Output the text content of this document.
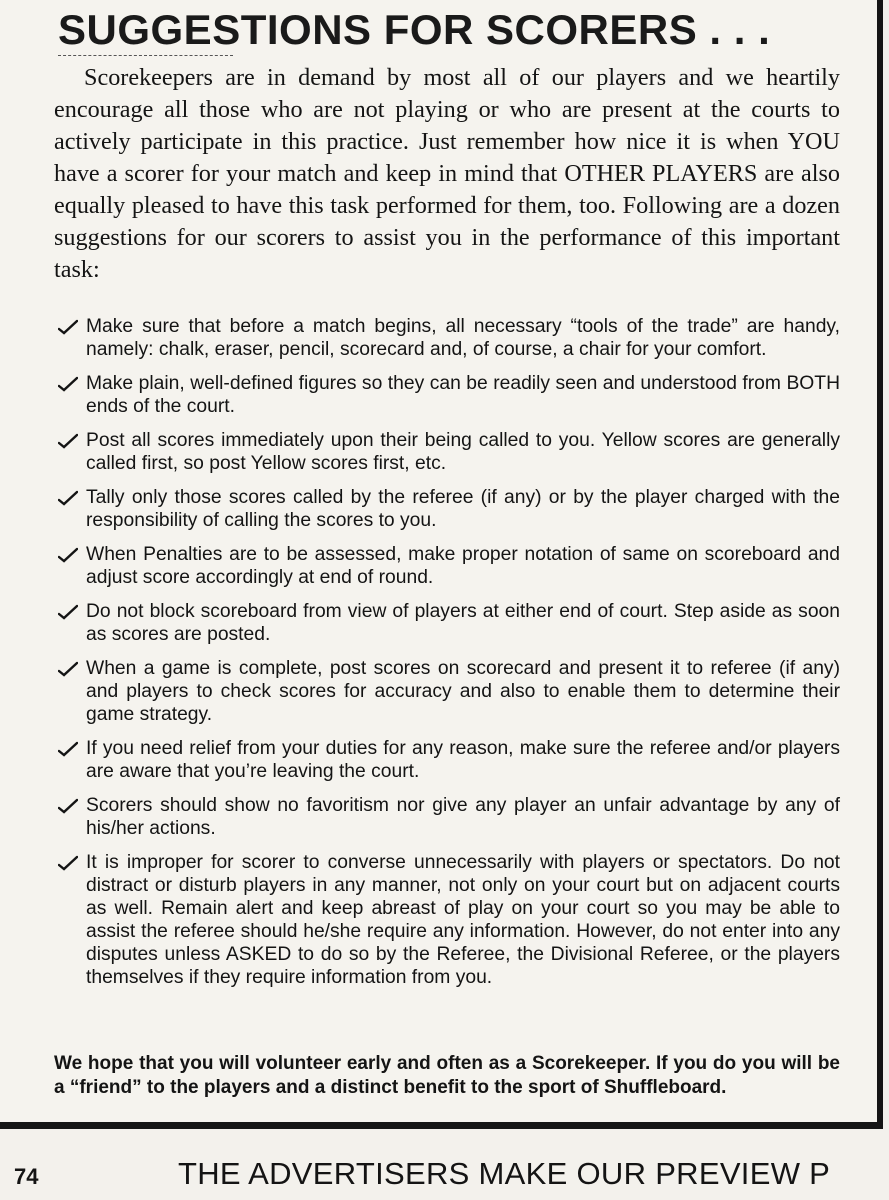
SUGGESTIONS FOR SCORERS . . .

Scorekeepers are in demand by most all of our players and we heartily encourage all those who are not playing or who are present at the courts to actively participate in this practice. Just remember how nice it is when YOU have a scorer for your match and keep in mind that OTHER PLAYERS are also equally pleased to have this task performed for them, too. Following are a dozen suggestions for our scorers to assist you in the performance of this important task:

Make sure that before a match begins, all necessary “tools of the trade” are handy, namely: chalk, eraser, pencil, scorecard and, of course, a chair for your comfort.
Make plain, well-defined figures so they can be readily seen and understood from BOTH ends of the court.
Post all scores immediately upon their being called to you. Yellow scores are generally called first, so post Yellow scores first, etc.
Tally only those scores called by the referee (if any) or by the player charged with the responsibility of calling the scores to you.
When Penalties are to be assessed, make proper notation of same on scoreboard and adjust score accordingly at end of round.
Do not block scoreboard from view of players at either end of court. Step aside as soon as scores are posted.
When a game is complete, post scores on scorecard and present it to referee (if any) and players to check scores for accuracy and also to enable them to determine their game strategy.
If you need relief from your duties for any reason, make sure the referee and/or players are aware that you’re leaving the court.
Scorers should show no favoritism nor give any player an unfair advantage by any of his/her actions.
It is improper for scorer to converse unnecessarily with players or spectators. Do not distract or disturb players in any manner, not only on your court but on adjacent courts as well. Remain alert and keep abreast of play on your court so you may be able to assist the referee should he/she require any information. However, do not enter into any disputes unless ASKED to do so by the Referee, the Divisional Referee, or the players themselves if they require information from you.

We hope that you will volunteer early and often as a Scorekeeper. If you do you will be a “friend” to the players and a distinct benefit to the sport of Shuffleboard.

74	THE ADVERTISERS MAKE OUR PREVIEW P
